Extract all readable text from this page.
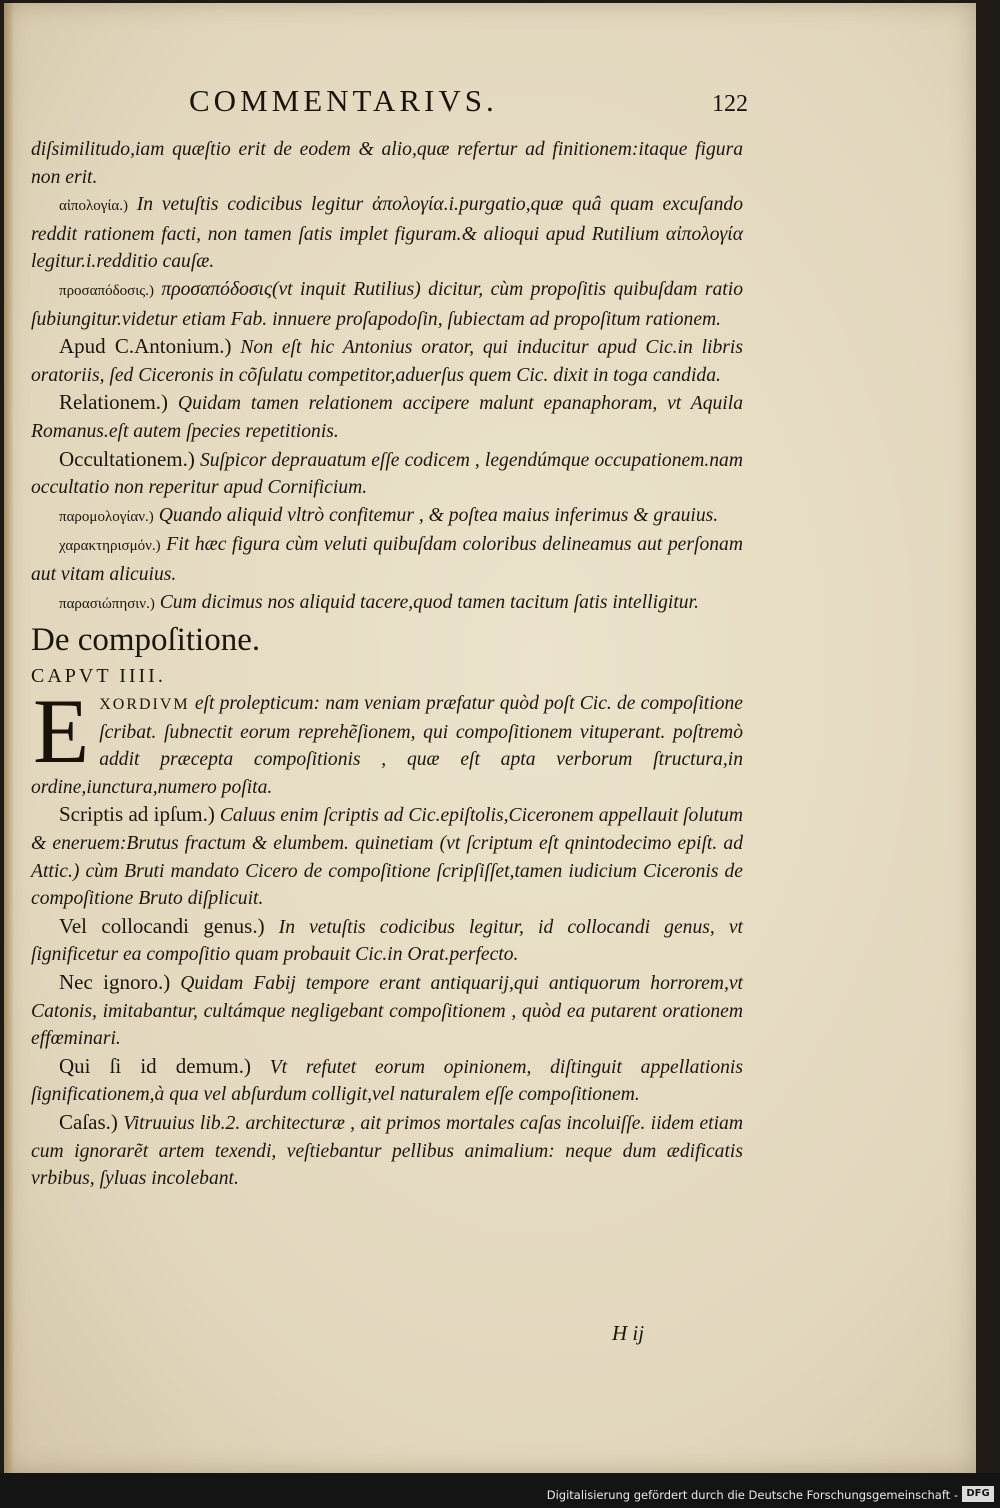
COMMENTARIVS.	122

diſsimilitudo,iam quæſtio erit de eodem & alio,quæ refertur ad finitionem:itaque figura non erit.

αἰπολογία.) In vetuſtis codicibus legitur ἀπολογία.i.purgatio,quæ quâ quam excuſando reddit rationem facti, non tamen ſatis implet figuram.& alioqui apud Rutilium αἰπολογία legitur.i.redditio cauſæ.

προσαπόδοσις.) προσαπόδοσις(vt inquit Rutilius) dicitur, cùm propoſitis quibuſdam ratio ſubiungitur.videtur etiam Fab. innuere proſapodoſin, ſubiectam ad propoſitum rationem.

Apud C.Antonium.) Non eſt hic Antonius orator, qui inducitur apud Cic.in libris oratoriis, ſed Ciceronis in cõſulatu competitor,aduerſus quem Cic. dixit in toga candida.

Relationem.) Quidam tamen relationem accipere malunt epanaphoram, vt Aquila Romanus.eſt autem ſpecies repetitionis.

Occultationem.) Suſpicor deprauatum eſſe codicem , legendúmque occupationem.nam occultatio non reperitur apud Cornificium.

παρομολογίαν.) Quando aliquid vltrò confitemur , & poſtea maius inferimus & grauius.

χαρακτηρισμόν.) Fit hæc figura cùm veluti quibuſdam coloribus delineamus aut perſonam aut vitam alicuius.

παρασιώπησιν.) Cum dicimus nos aliquid tacere,quod tamen tacitum ſatis intelligitur.

De compoſitione.

CAPVT IIII.

EXORDIVM eſt prolepticum: nam veniam præfatur quòd poſt Cic. de compoſitione ſcribat. ſubnectit eorum reprehẽſionem, qui compoſitionem vituperant. poſtremò addit præcepta compoſitionis , quæ eſt apta verborum ſtructura,in ordine,iunctura,numero poſita.

Scriptis ad ipſum.) Caluus enim ſcriptis ad Cic.epiſtolis,Ciceronem appellauit ſolutum & eneruem:Brutus fractum & elumbem. quinetiam (vt ſcriptum eſt qnintodecimo epiſt. ad Attic.) cùm Bruti mandato Cicero de compoſitione ſcripſiſſet,tamen iudicium Ciceronis de compoſitione Bruto diſplicuit.

Vel collocandi genus.) In vetuſtis codicibus legitur, id collocandi genus, vt ſignificetur ea compoſitio quam probauit Cic.in Orat.perfecto.

Nec ignoro.) Quidam Fabij tempore erant antiquarij,qui antiquorum horrorem,vt Catonis, imitabantur, cultámque negligebant compoſitionem , quòd ea putarent orationem effœminari.

Qui ſi id demum.) Vt refutet eorum opinionem, diſtinguit appellationis ſignificationem,à qua vel abſurdum colligit,vel naturalem eſſe compoſitionem.

Caſas.) Vitruuius lib.2. architecturæ , ait primos mortales caſas incoluiſſe. iidem etiam cum ignorarẽt artem texendi, veſtiebantur pellibus animalium: neque dum ædificatis vrbibus, ſyluas incolebant.

H ij
Digitalisierung gefördert durch die Deutsche Forschungsgemeinschaft - DFG
